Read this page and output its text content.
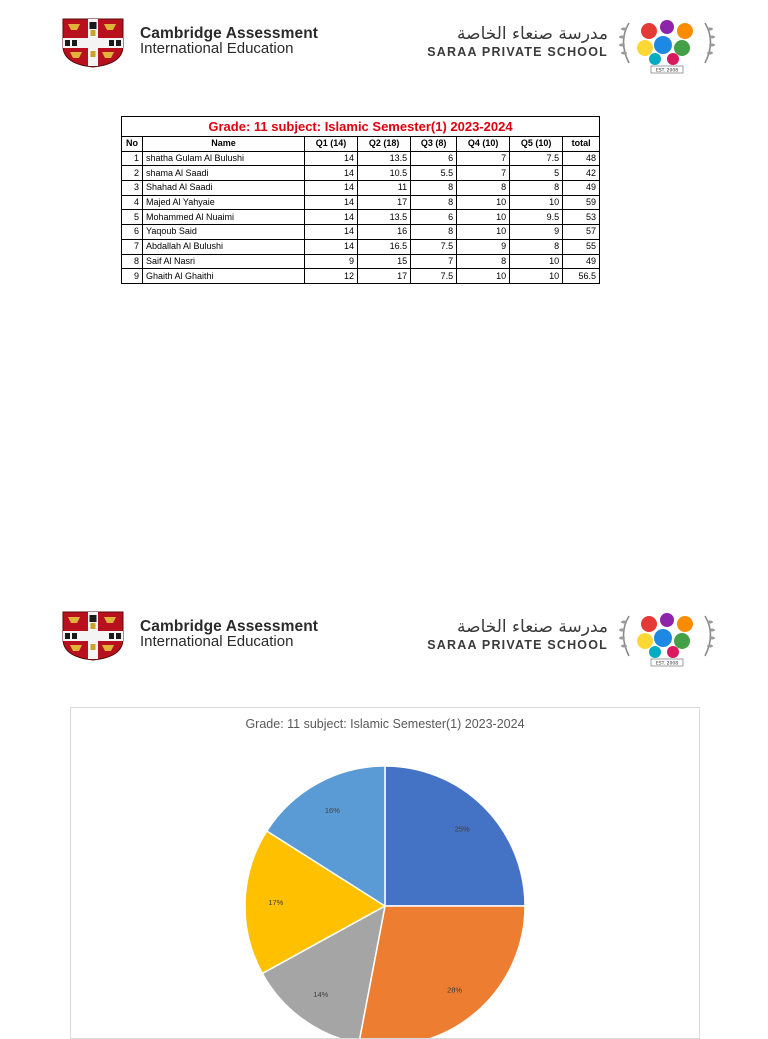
Cambridge Assessment
International Education
مدرسة صنعاء الخاصة
SARAA PRIVATE SCHOOL
EST. 2008
Grade: 11 subject: Islamic Semester(1) 2023-2024							
No	Name	Q1 (14)	Q2 (18)	Q3 (8)	Q4 (10)	Q5 (10)	total
1	shatha Gulam Al Bulushi	14	13.5	6	7	7.5	48
2	shama Al Saadi	14	10.5	5.5	7	5	42
3	Shahad Al Saadi	14	11	8	8	8	49
4	Majed Al Yahyaie	14	17	8	10	10	59
5	Mohammed Al Nuaimi	14	13.5	6	10	9.5	53
6	Yaqoub Said	14	16	8	10	9	57
7	Abdallah Al Bulushi	14	16.5	7.5	9	8	55
8	Saif Al Nasri	9	15	7	8	10	49
9	Ghaith Al Ghaithi	12	17	7.5	10	10	56.5
Cambridge Assessment
International Education
مدرسة صنعاء الخاصة
SARAA PRIVATE SCHOOL
EST. 2008
Grade: 11 subject: Islamic Semester(1) 2023-2024
25%
28%
14%
17%
16%
